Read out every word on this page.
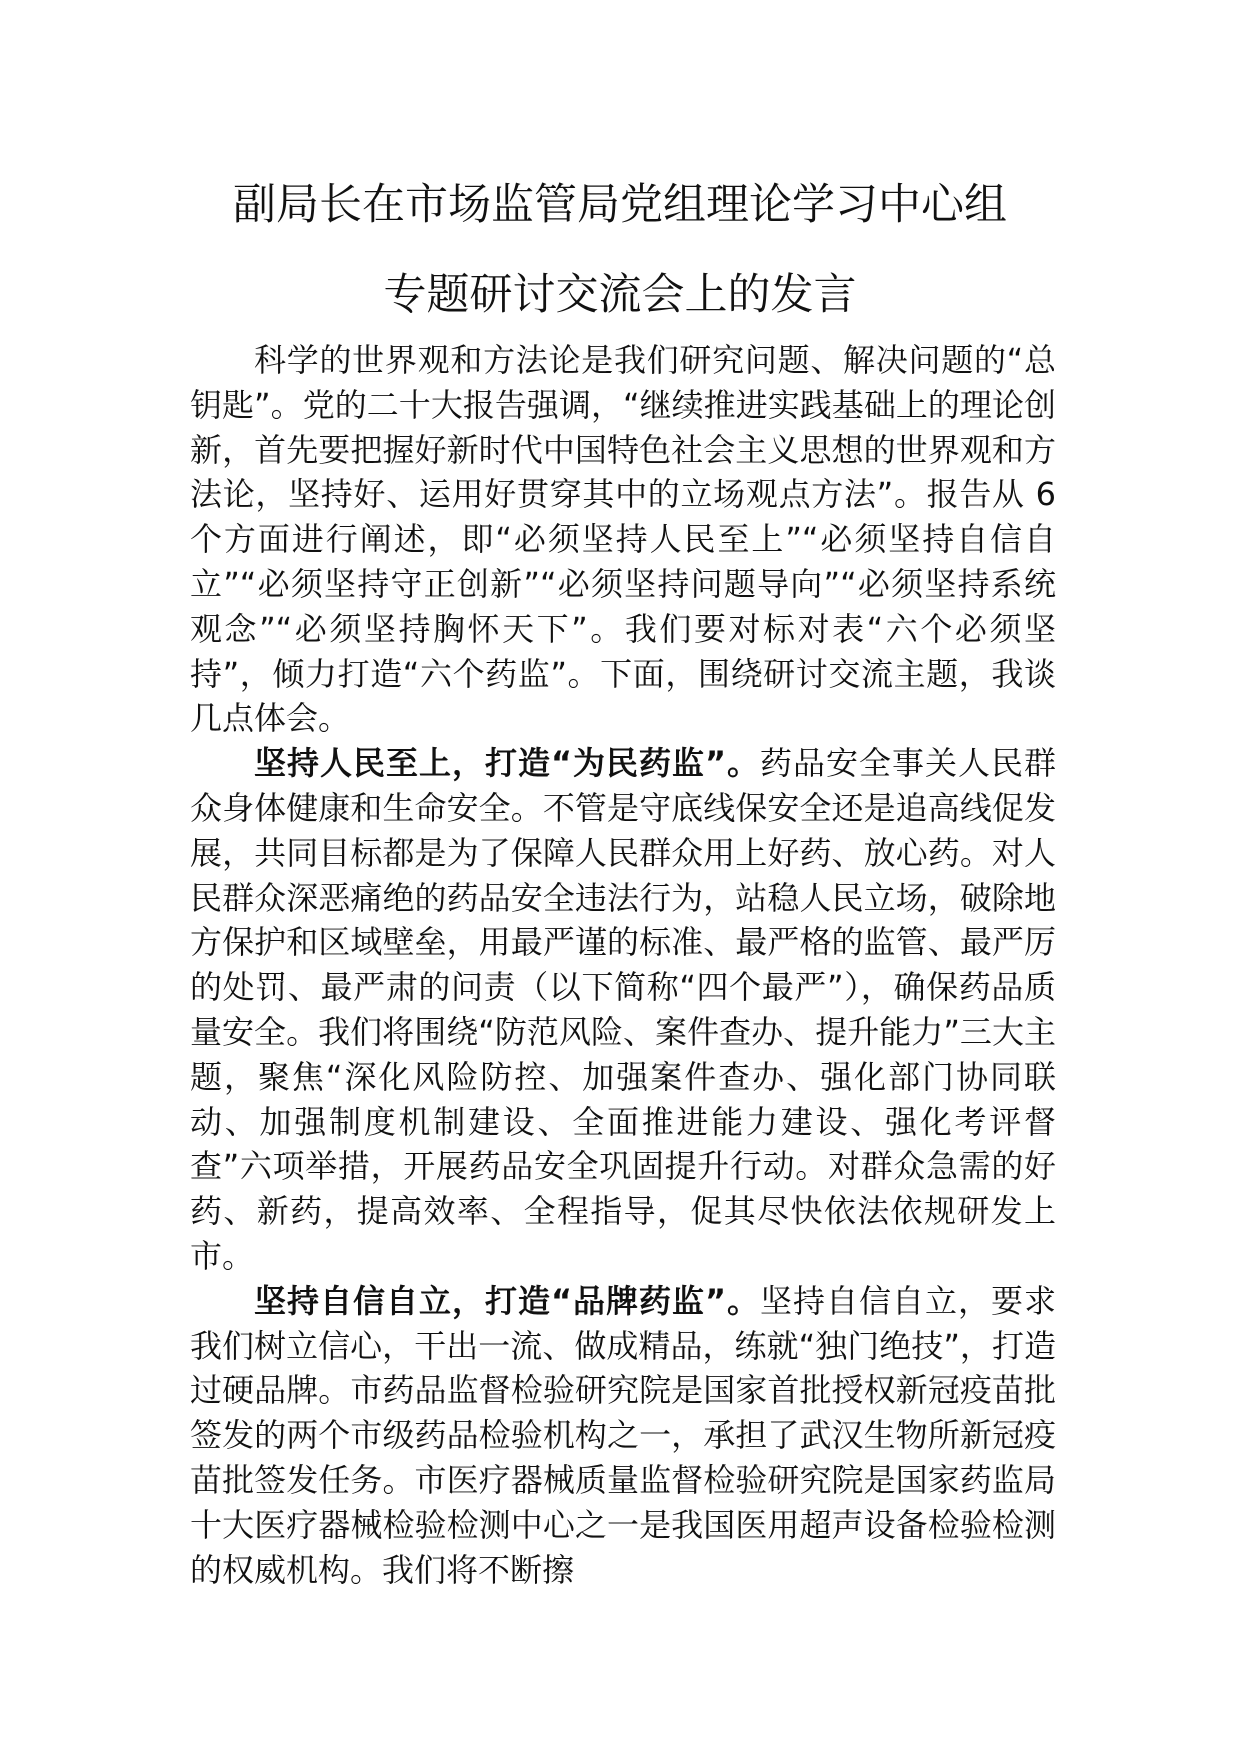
副局长在市场监管局党组理论学习中心组
专题研讨交流会上的发言

科学的世界观和方法论是我们研究问题、解决问题的“总钥匙”。党的二十大报告强调，“继续推进实践基础上的理论创新，首先要把握好新时代中国特色社会主义思想的世界观和方法论，坚持好、运用好贯穿其中的立场观点方法”。报告从 6 个方面进行阐述，即“必须坚持人民至上”“必须坚持自信自立”“必须坚持守正创新”“必须坚持问题导向”“必须坚持系统观念”“必须坚持胸怀天下”。我们要对标对表“六个必须坚持”，倾力打造“六个药监”。下面，围绕研讨交流主题，我谈几点体会。

坚持人民至上，打造“为民药监”。药品安全事关人民群众身体健康和生命安全。不管是守底线保安全还是追高线促发展，共同目标都是为了保障人民群众用上好药、放心药。对人民群众深恶痛绝的药品安全违法行为，站稳人民立场，破除地方保护和区域壁垒，用最严谨的标准、最严格的监管、最严厉的处罚、最严肃的问责（以下简称“四个最严”），确保药品质量安全。我们将围绕“防范风险、案件查办、提升能力”三大主题，聚焦“深化风险防控、加强案件查办、强化部门协同联动、加强制度机制建设、全面推进能力建设、强化考评督查”六项举措，开展药品安全巩固提升行动。对群众急需的好药、新药，提高效率、全程指导，促其尽快依法依规研发上市。

坚持自信自立，打造“品牌药监”。坚持自信自立，要求我们树立信心，干出一流、做成精品，练就“独门绝技”，打造过硬品牌。市药品监督检验研究院是国家首批授权新冠疫苗批签发的两个市级药品检验机构之一，承担了武汉生物所新冠疫苗批签发任务。市医疗器械质量监督检验研究院是国家药监局十大医疗器械检验检测中心之一是我国医用超声设备检验检测的权威机构。我们将不断擦
